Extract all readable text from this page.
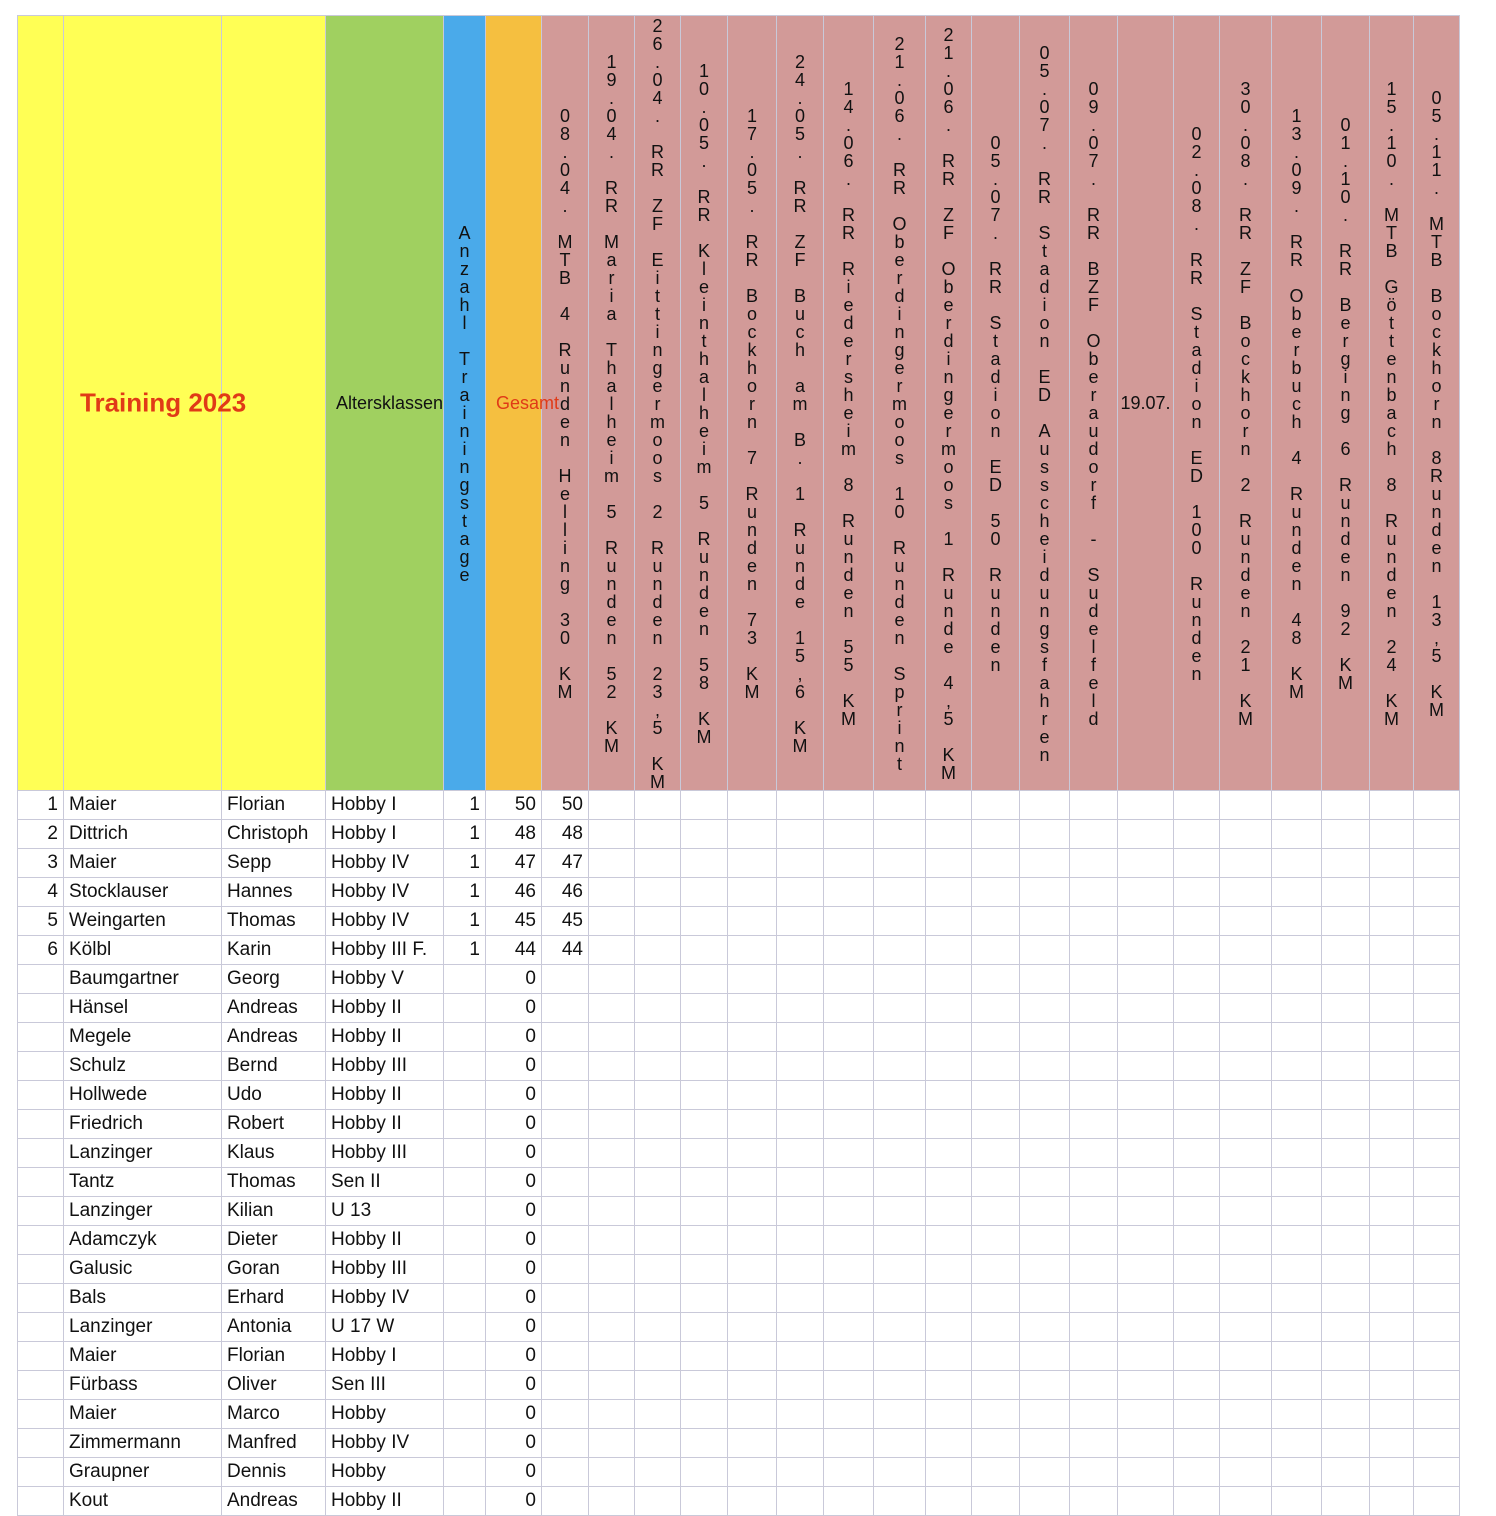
	Training 2023		Altersklassen	Anzahl Trainingstage	Gesamt	08.04. MTB 4 Runden Helling 30 KM	19.04. RR Maria Thalheim 5 Runden 52 KM	26.04. RR ZF Eittingermoos 2 Runden 23,5 KM	10.05. RR Kleinthalheim 5 Runden 58 KM	17.05. RR Bockhorn 7 Runden 73 KM	24.05. RR ZF Buch am B. 1 Runde 15,6 KM	14.06. RR Riedersheim 8 Runden 55 KM	21.06. RR Oberdingermoos 10 Runden Sprint	21.06. RR ZF Oberdingermoos 1 Runde 4,5 KM	05.07. RR Stadion ED 50 Runden	05.07. RR Stadion ED Ausscheidungsfahren	09.07. RR BZF Oberaudorf - Sudelfeld	19.07.	02.08. RR Stadion ED 100 Runden	30.08. RR ZF Bockhorn 2 Runden 21 KM	13.09. RR Oberbuch 4 Runden 48 KM	01.10. RR Berging 6 Runden 92 KM	15.10. MTB Göttenbach 8 Runden 24 KM	05.11. MTB Bockhorn 8Runden 13,5 KM

1	Maier	Florian	Hobby I	1	50	50																		
2	Dittrich	Christoph	Hobby I	1	48	48																		
3	Maier	Sepp	Hobby IV	1	47	47																		
4	Stocklauser	Hannes	Hobby IV	1	46	46																		
5	Weingarten	Thomas	Hobby IV	1	45	45																		
6	Kölbl	Karin	Hobby III F.	1	44	44																		
	Baumgartner	Georg	Hobby V		0																			
	Hänsel	Andreas	Hobby II		0																			
	Megele	Andreas	Hobby II		0																			
	Schulz	Bernd	Hobby III		0																			
	Hollwede	Udo	Hobby II		0																			
	Friedrich	Robert	Hobby II		0																			
	Lanzinger	Klaus	Hobby III		0																			
	Tantz	Thomas	Sen II		0																			
	Lanzinger	Kilian	U 13		0																			
	Adamczyk	Dieter	Hobby II		0																			
	Galusic	Goran	Hobby III		0																			
	Bals	Erhard	Hobby IV		0																			
	Lanzinger	Antonia	U 17 W		0																			
	Maier	Florian	Hobby I		0																			
	Fürbass	Oliver	Sen III		0																			
	Maier	Marco	Hobby		0																			
	Zimmermann	Manfred	Hobby IV		0																			
	Graupner	Dennis	Hobby		0																			
	Kout	Andreas	Hobby II		0																			
